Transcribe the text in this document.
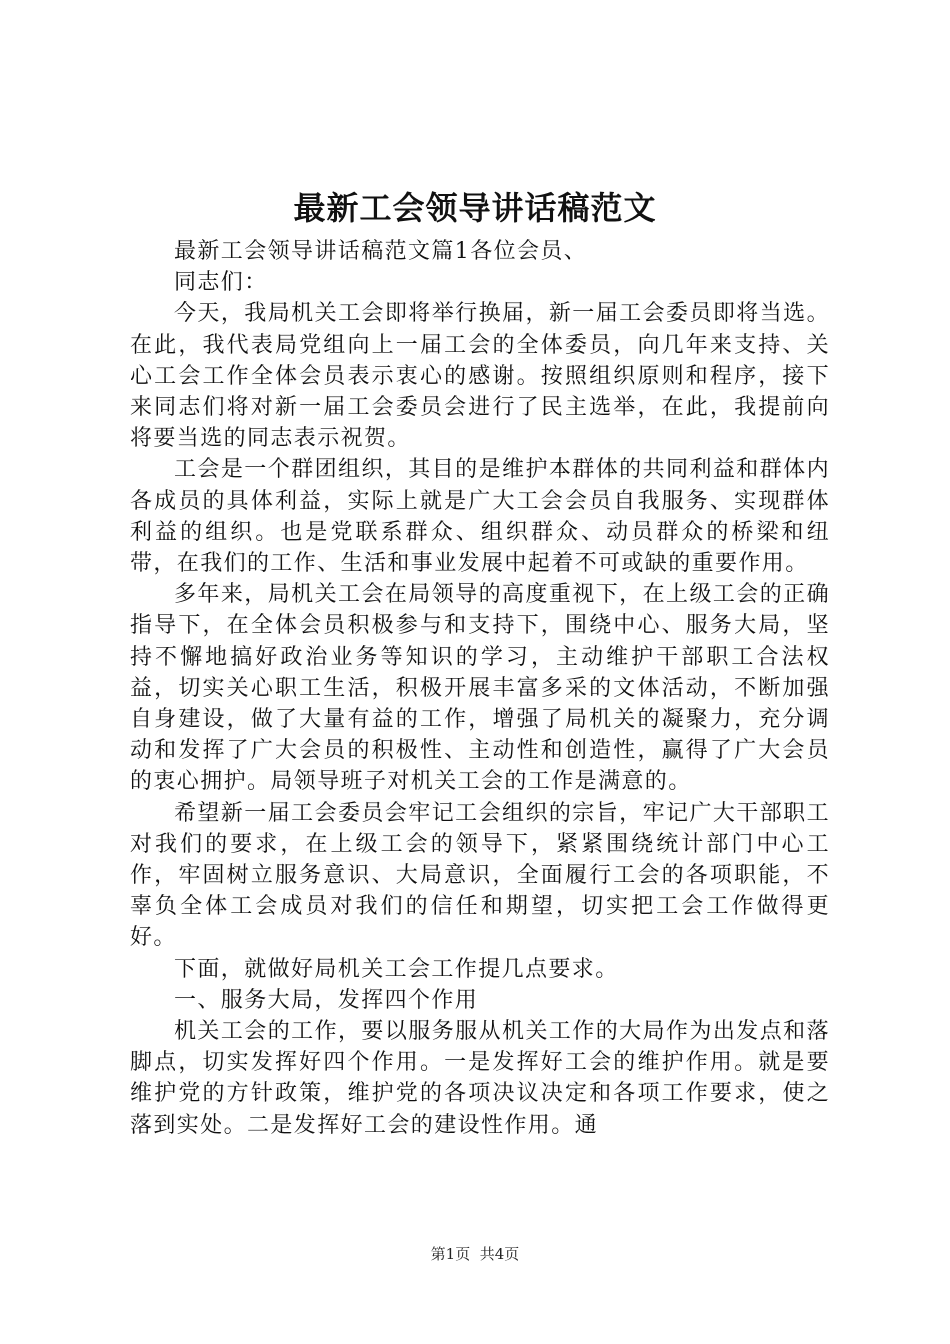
最新工会领导讲话稿范文

最新工会领导讲话稿范文篇1各位会员、

同志们：

今天，我局机关工会即将举行换届，新一届工会委员即将当选。在此，我代表局党组向上一届工会的全体委员，向几年来支持、关心工会工作全体会员表示衷心的感谢。按照组织原则和程序，接下来同志们将对新一届工会委员会进行了民主选举，在此，我提前向将要当选的同志表示祝贺。

工会是一个群团组织，其目的是维护本群体的共同利益和群体内各成员的具体利益，实际上就是广大工会会员自我服务、实现群体利益的组织。也是党联系群众、组织群众、动员群众的桥梁和纽带，在我们的工作、生活和事业发展中起着不可或缺的重要作用。

多年来，局机关工会在局领导的高度重视下，在上级工会的正确指导下，在全体会员积极参与和支持下，围绕中心、服务大局，坚持不懈地搞好政治业务等知识的学习，主动维护干部职工合法权益，切实关心职工生活，积极开展丰富多采的文体活动，不断加强自身建设，做了大量有益的工作，增强了局机关的凝聚力，充分调动和发挥了广大会员的积极性、主动性和创造性，赢得了广大会员的衷心拥护。局领导班子对机关工会的工作是满意的。

希望新一届工会委员会牢记工会组织的宗旨，牢记广大干部职工对我们的要求，在上级工会的领导下，紧紧围绕统计部门中心工作，牢固树立服务意识、大局意识，全面履行工会的各项职能，不辜负全体工会成员对我们的信任和期望，切实把工会工作做得更好。

下面，就做好局机关工会工作提几点要求。

一、服务大局，发挥四个作用

机关工会的工作，要以服务服从机关工作的大局作为出发点和落脚点，切实发挥好四个作用。一是发挥好工会的维护作用。就是要维护党的方针政策，维护党的各项决议决定和各项工作要求，使之落到实处。二是发挥好工会的建设性作用。通

第1页 共4页
